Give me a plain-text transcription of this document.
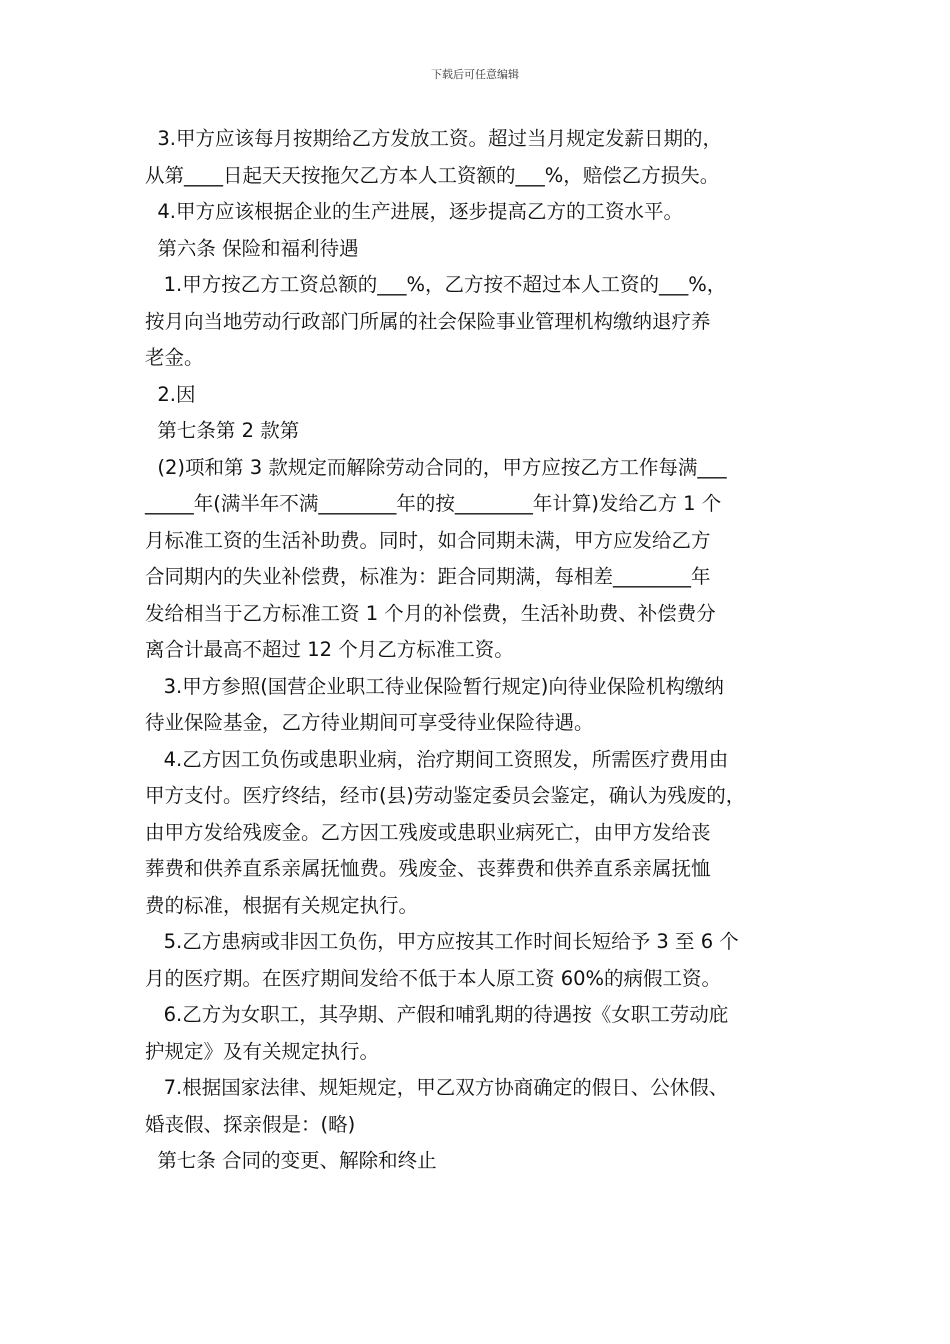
下载后可任意编辑
3.甲方应该每月按期给乙方发放工资。超过当月规定发薪日期的，
从第____日起天天按拖欠乙方本人工资额的___%，赔偿乙方损失。
4.甲方应该根据企业的生产进展，逐步提高乙方的工资水平。
第六条 保险和福利待遇
1.甲方按乙方工资总额的___%，乙方按不超过本人工资的___%，
按月向当地劳动行政部门所属的社会保险事业管理机构缴纳退疗养
老金。
2.因
第七条第 2 款第
(2)项和第 3 款规定而解除劳动合同的，甲方应按乙方工作每满___
_____年(满半年不满________年的按________年计算)发给乙方 1 个
月标准工资的生活补助费。同时，如合同期未满，甲方应发给乙方
合同期内的失业补偿费，标准为：距合同期满，每相差________年
发给相当于乙方标准工资 1 个月的补偿费，生活补助费、补偿费分
离合计最高不超过 12 个月乙方标准工资。
3.甲方参照(国营企业职工待业保险暂行规定)向待业保险机构缴纳
待业保险基金，乙方待业期间可享受待业保险待遇。
4.乙方因工负伤或患职业病，治疗期间工资照发，所需医疗费用由
甲方支付。医疗终结，经市(县)劳动鉴定委员会鉴定，确认为残废的，
由甲方发给残废金。乙方因工残废或患职业病死亡，由甲方发给丧
葬费和供养直系亲属抚恤费。残废金、丧葬费和供养直系亲属抚恤
费的标准，根据有关规定执行。
5.乙方患病或非因工负伤，甲方应按其工作时间长短给予 3 至 6 个
月的医疗期。在医疗期间发给不低于本人原工资 60%的病假工资。
6.乙方为女职工，其孕期、产假和哺乳期的待遇按《女职工劳动庇
护规定》及有关规定执行。
7.根据国家法律、规矩规定，甲乙双方协商确定的假日、公休假、
婚丧假、探亲假是：(略)
第七条 合同的变更、解除和终止
